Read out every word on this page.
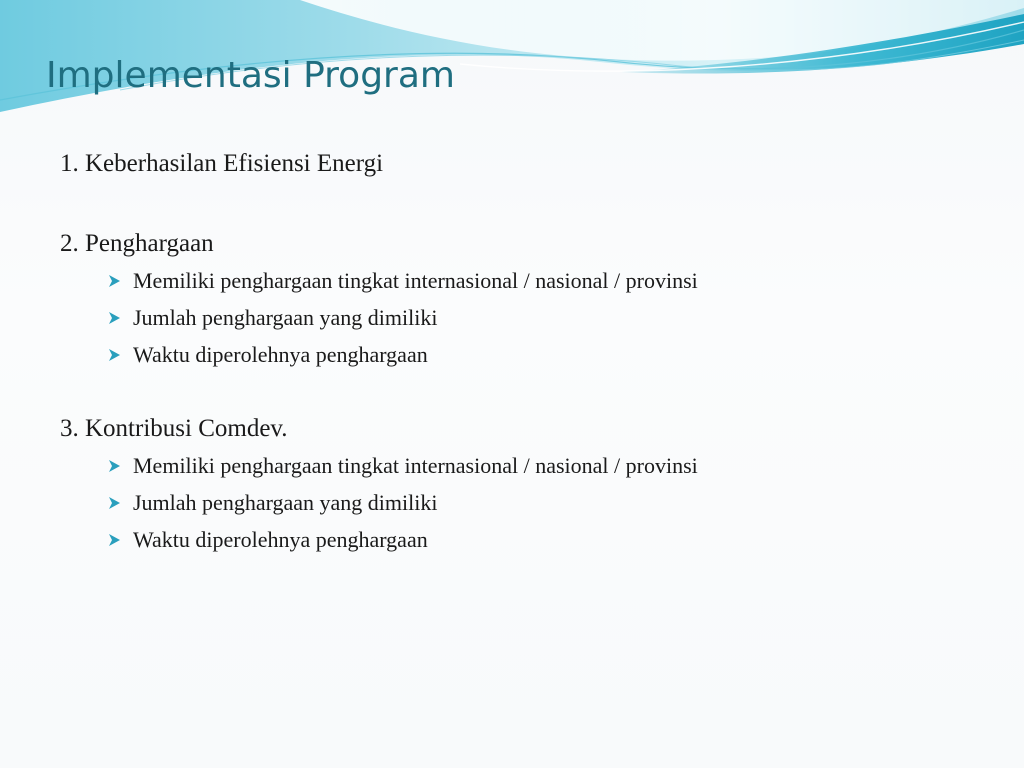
Implementasi Program
1. Keberhasilan Efisiensi Energi
2. Penghargaan
Memiliki penghargaan tingkat internasional / nasional / provinsi
Jumlah penghargaan yang dimiliki
Waktu diperolehnya penghargaan
3. Kontribusi Comdev.
Memiliki penghargaan tingkat internasional / nasional / provinsi
Jumlah penghargaan yang dimiliki
Waktu diperolehnya penghargaan
